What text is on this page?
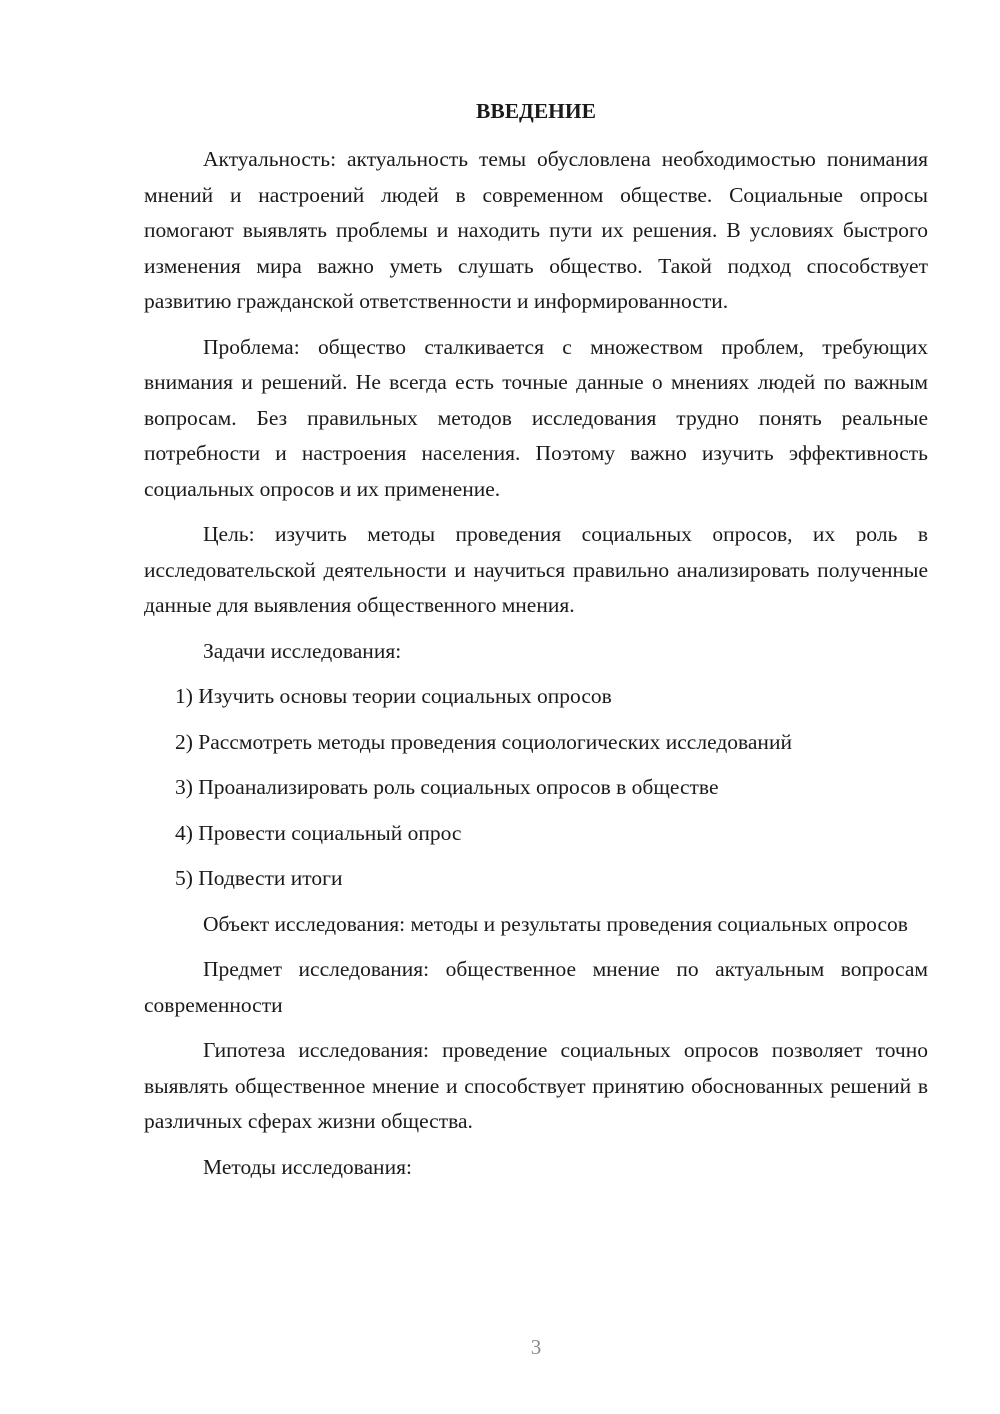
ВВЕДЕНИЕ

Актуальность: актуальность темы обусловлена необходимостью понимания мнений и настроений людей в современном обществе. Социальные опросы помогают выявлять проблемы и находить пути их решения. В условиях быстрого изменения мира важно уметь слушать общество. Такой подход способствует развитию гражданской ответственности и информированности.

Проблема: общество сталкивается с множеством проблем, требующих внимания и решений. Не всегда есть точные данные о мнениях людей по важным вопросам. Без правильных методов исследования трудно понять реальные потребности и настроения населения. Поэтому важно изучить эффективность социальных опросов и их применение.

Цель: изучить методы проведения социальных опросов, их роль в исследовательской деятельности и научиться правильно анализировать полученные данные для выявления общественного мнения.

Задачи исследования:

1) Изучить основы теории социальных опросов

2) Рассмотреть методы проведения социологических исследований

3) Проанализировать роль социальных опросов в обществе

4) Провести социальный опрос

5) Подвести итоги

Объект исследования: методы и результаты проведения социальных опросов

Предмет исследования: общественное мнение по актуальным вопросам современности

Гипотеза исследования: проведение социальных опросов позволяет точно выявлять общественное мнение и способствует принятию обоснованных решений в различных сферах жизни общества.

Методы исследования:

3
